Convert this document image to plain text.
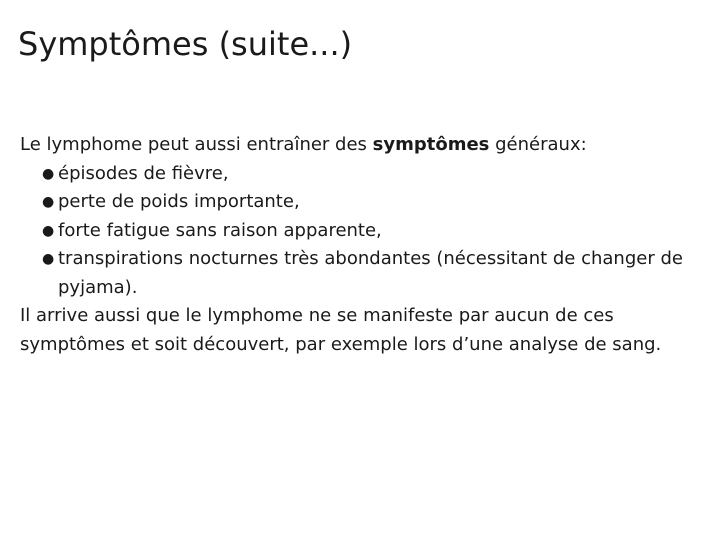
Symptômes (suite...)

Le lymphome peut aussi entraîner des symptômes généraux:

● épisodes de fièvre,
● perte de poids importante,
● forte fatigue sans raison apparente,
● transpirations nocturnes très abondantes (nécessitant de changer de pyjama).

Il arrive aussi que le lymphome ne se manifeste par aucun de ces symptômes et soit découvert, par exemple lors d’une analyse de sang.
